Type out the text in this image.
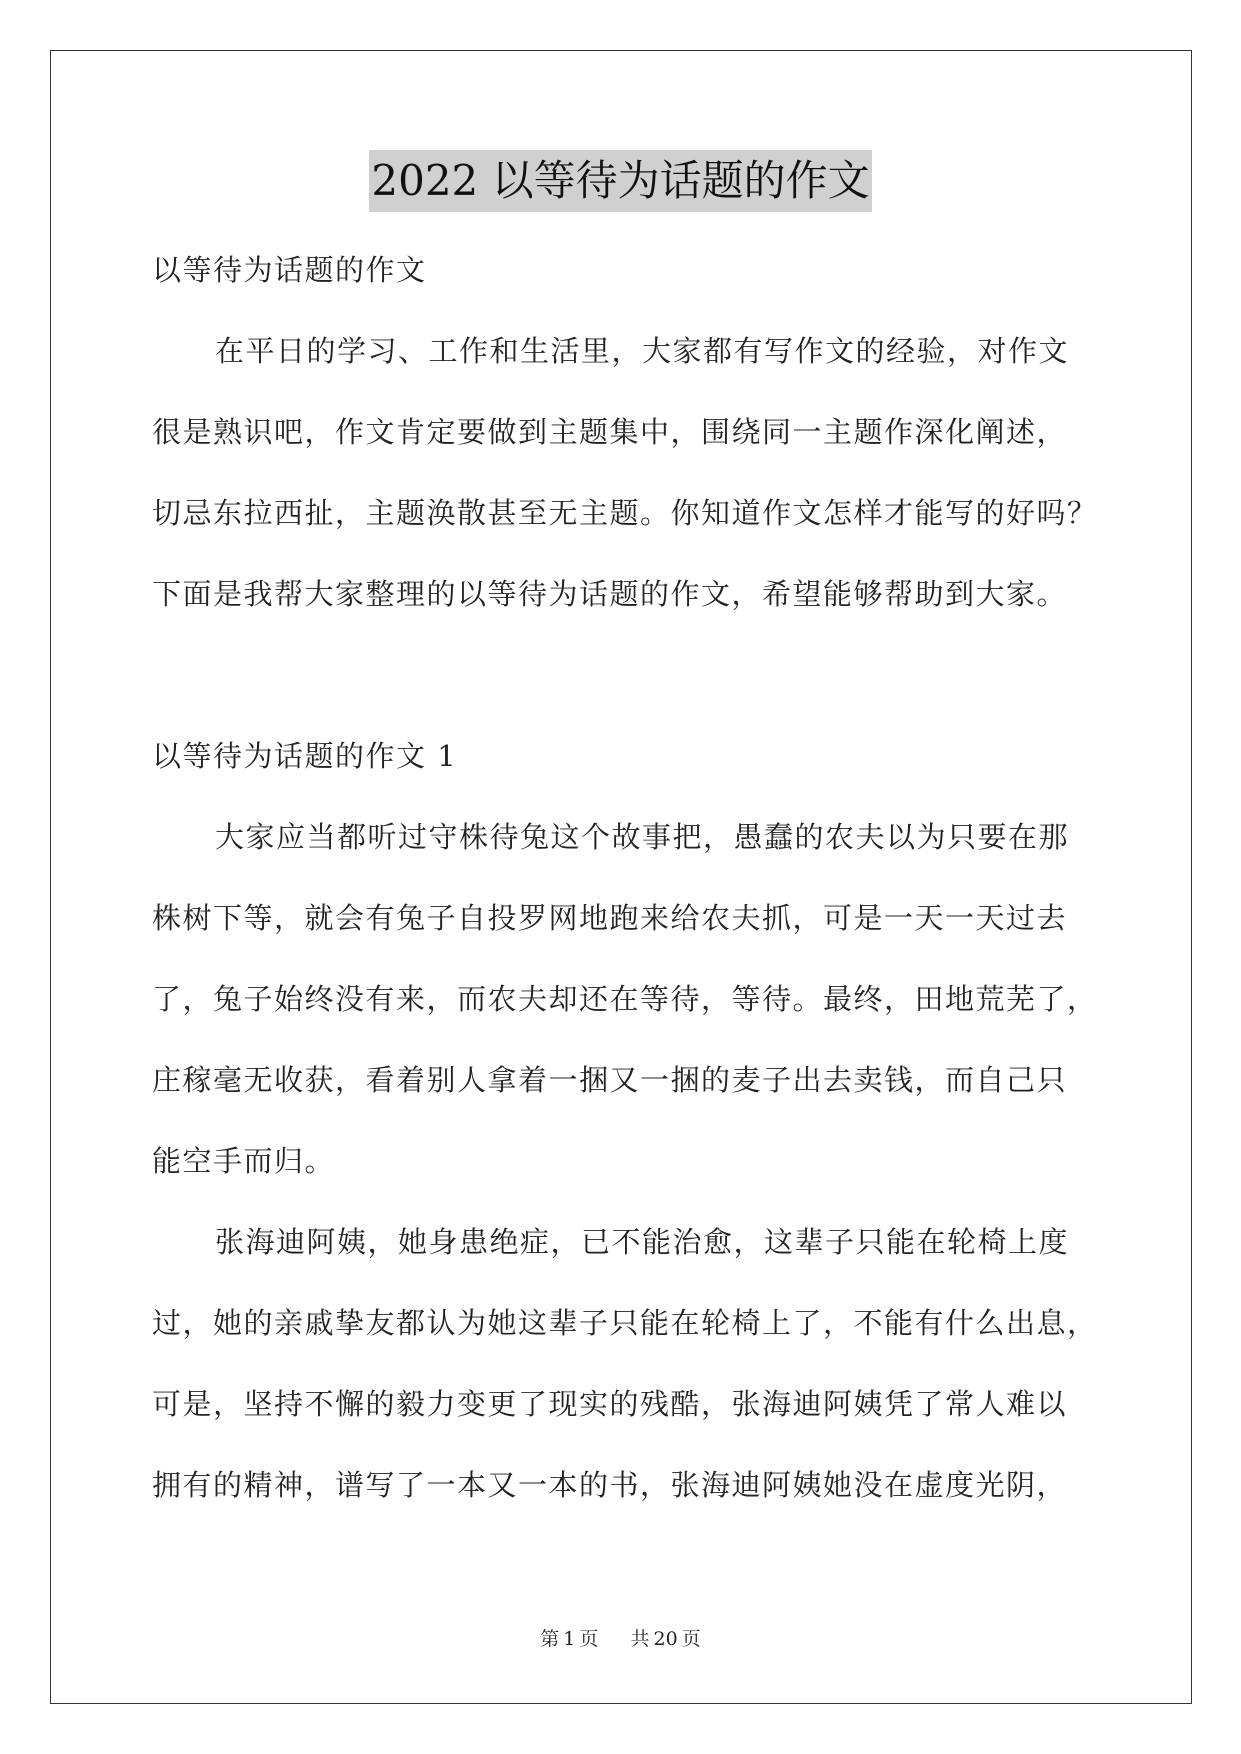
2022 以等待为话题的作文
以等待为话题的作文
在平日的学习、工作和生活里，大家都有写作文的经验，对作文
很是熟识吧，作文肯定要做到主题集中，围绕同一主题作深化阐述，
切忌东拉西扯，主题涣散甚至无主题。你知道作文怎样才能写的好吗？
下面是我帮大家整理的以等待为话题的作文，希望能够帮助到大家。
以等待为话题的作文 1
大家应当都听过守株待兔这个故事把，愚蠢的农夫以为只要在那
株树下等，就会有兔子自投罗网地跑来给农夫抓，可是一天一天过去
了，兔子始终没有来，而农夫却还在等待，等待。最终，田地荒芜了，
庄稼毫无收获，看着别人拿着一捆又一捆的麦子出去卖钱，而自己只
能空手而归。
张海迪阿姨，她身患绝症，已不能治愈，这辈子只能在轮椅上度
过，她的亲戚挚友都认为她这辈子只能在轮椅上了，不能有什么出息，
可是，坚持不懈的毅力变更了现实的残酷，张海迪阿姨凭了常人难以
拥有的精神，谱写了一本又一本的书，张海迪阿姨她没在虚度光阴，
第 1 页 共 20 页
